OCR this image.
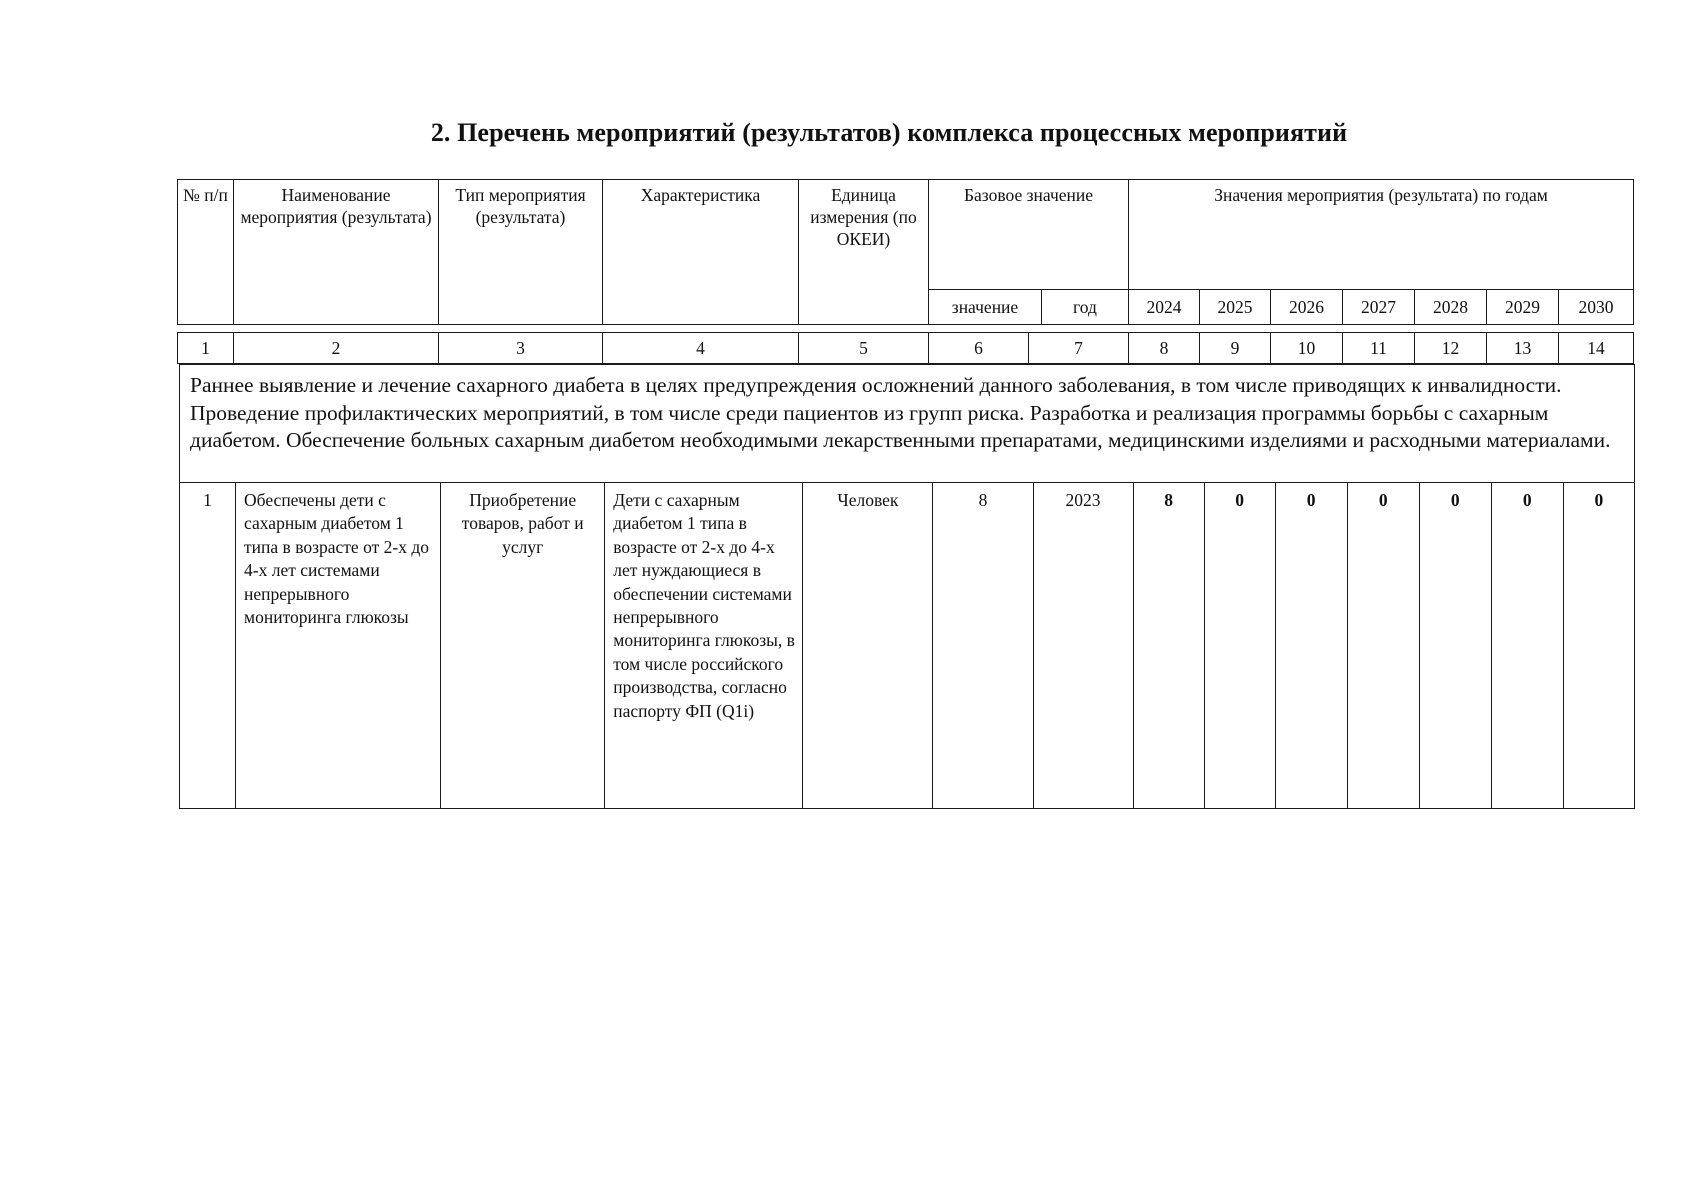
2. Перечень мероприятий (результатов) комплекса процессных мероприятий
№ п/п	Наименование мероприятия (результата)	Тип мероприятия (результата)	Характеристика	Единица измерения (по ОКЕИ)	Базовое значение		Значения мероприятия (результата) по годам						
					значение	год	2024	2025	2026	2027	2028	2029	2030
1	2	3	4	5	6	7	8	9	10	11	12	13	14
Раннее выявление и лечение сахарного диабета в целях предупреждения осложнений данного заболевания, в том числе приводящих к инвалидности. Проведение профилактических мероприятий, в том числе среди пациентов из групп риска. Разработка и реализация программы борьбы с сахарным диабетом. Обеспечение больных сахарным диабетом необходимыми лекарственными препаратами, медицинскими изделиями и расходными материалами.
1	Обеспечены дети с сахарным диабетом 1 типа в возрасте от 2-х до 4-х лет системами непрерывного мониторинга глюкозы	Приобретение товаров, работ и услуг	Дети с сахарным диабетом 1 типа в возрасте от 2-х до 4-х лет нуждающиеся в обеспечении системами непрерывного мониторинга глюкозы, в том числе российского производства, согласно паспорту ФП (Q1i)	Человек	8	2023	8	0	0	0	0	0	0
